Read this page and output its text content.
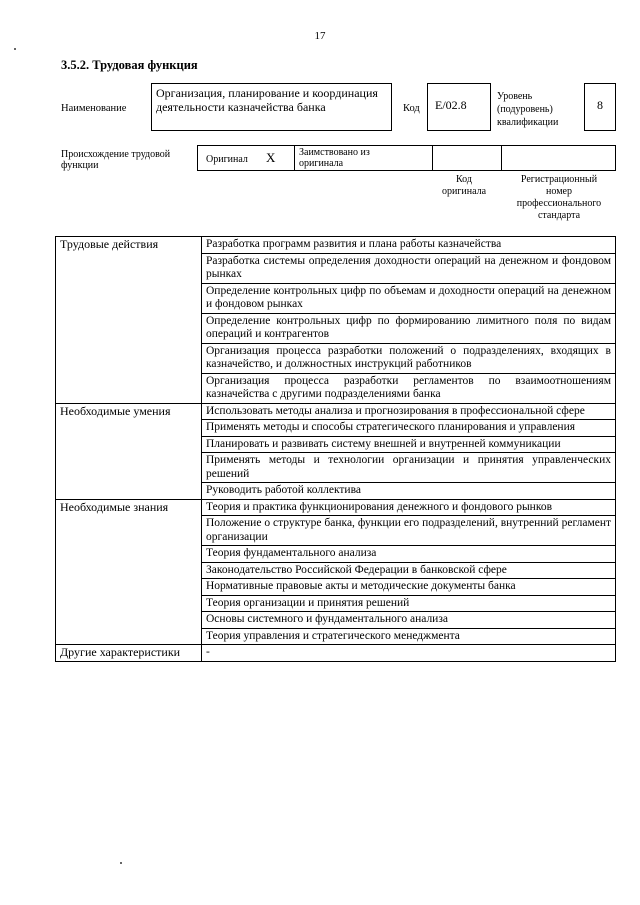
17
3.5.2. Трудовая функция
Наименование
Организация, планирование и координация деятельности казначейства банка	Код	E/02.8
Уровень (подуровень) квалификации
8
Происхождение трудовой функции
Оригинал X Заимствовано из оригинала
Код оригинала
Регистрационный номер профессионального стандарта
Трудовые действия	Разработка программ развития и плана работы казначейства
	Разработка системы определения доходности операций на денежном и фондовом рынках
	Определение контрольных цифр по объемам и доходности операций на денежном и фондовом рынках
	Определение контрольных цифр по формированию лимитного поля по видам операций и контрагентов
	Организация процесса разработки положений о подразделениях, входящих в казначейство, и должностных инструкций работников
	Организация процесса разработки регламентов по взаимоотношениям казначейства с другими подразделениями банка
Необходимые умения	Использовать методы анализа и прогнозирования в профессиональной сфере
	Применять методы и способы стратегического планирования и управления
	Планировать и развивать систему внешней и внутренней коммуникации
	Применять методы и технологии организации и принятия управленческих решений
	Руководить работой коллектива
Необходимые знания	Теория и практика функционирования денежного и фондового рынков
	Положение о структуре банка, функции его подразделений, внутренний регламент организации
	Теория фундаментального анализа
	Законодательство Российской Федерации в банковской сфере
	Нормативные правовые акты и методические документы банка
	Теория организации и принятия решений
	Основы системного и фундаментального анализа
	Теория управления и стратегического менеджмента
Другие характеристики	-
